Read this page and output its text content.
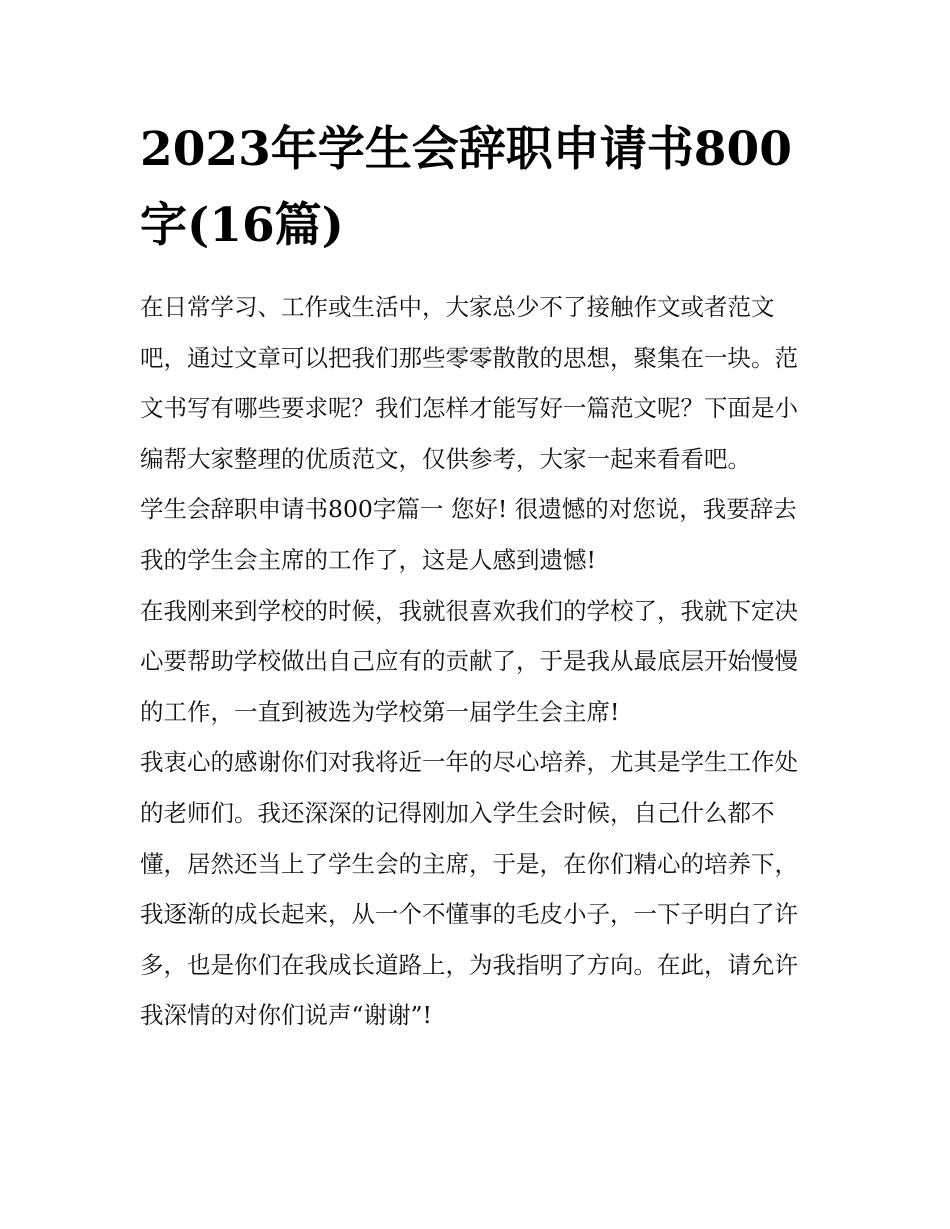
2023年学生会辞职申请书800字(16篇)

在日常学习、工作或生活中，大家总少不了接触作文或者范文吧，通过文章可以把我们那些零零散散的思想，聚集在一块。范文书写有哪些要求呢？我们怎样才能写好一篇范文呢？下面是小编帮大家整理的优质范文，仅供参考，大家一起来看看吧。

学生会辞职申请书800字篇一 您好! 很遗憾的对您说，我要辞去我的学生会主席的工作了，这是人感到遗憾!

在我刚来到学校的时候，我就很喜欢我们的学校了，我就下定决心要帮助学校做出自己应有的贡献了，于是我从最底层开始慢慢的工作，一直到被选为学校第一届学生会主席!

我衷心的感谢你们对我将近一年的尽心培养，尤其是学生工作处的老师们。我还深深的记得刚加入学生会时候，自己什么都不懂，居然还当上了学生会的主席，于是，在你们精心的培养下，我逐渐的成长起来，从一个不懂事的毛皮小子，一下子明白了许多，也是你们在我成长道路上，为我指明了方向。在此，请允许我深情的对你们说声“谢谢”!
